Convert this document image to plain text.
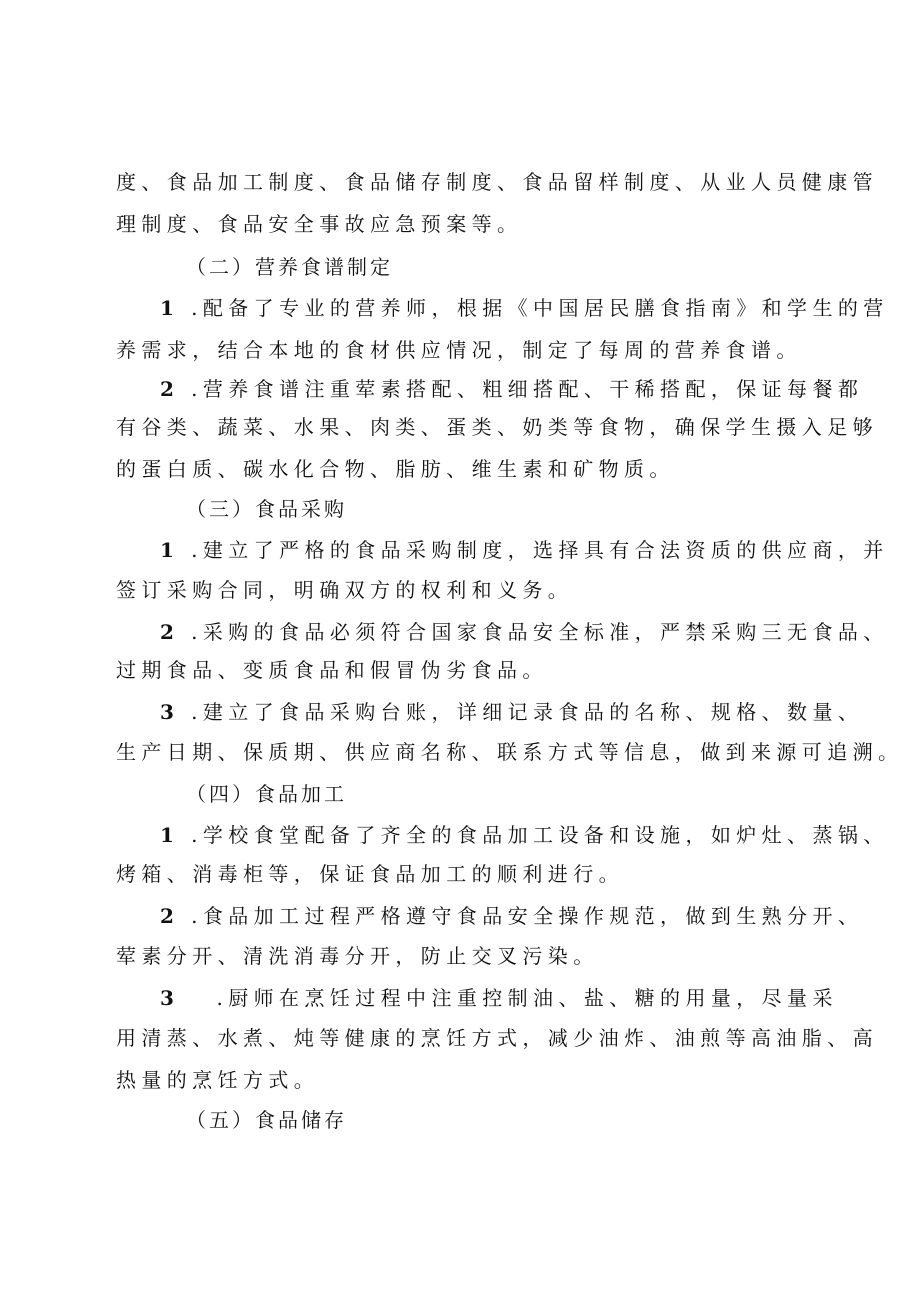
度、食品加工制度、食品储存制度、食品留样制度、从业人员健康管
理制度、食品安全事故应急预案等。
（二）营养食谱制定
1 .配备了专业的营养师，根据《中国居民膳食指南》和学生的营
养需求，结合本地的食材供应情况，制定了每周的营养食谱。
2 .营养食谱注重荤素搭配、粗细搭配、干稀搭配，保证每餐都
有谷类、蔬菜、水果、肉类、蛋类、奶类等食物，确保学生摄入足够
的蛋白质、碳水化合物、脂肪、维生素和矿物质。
（三）食品采购
1 .建立了严格的食品采购制度，选择具有合法资质的供应商，并
签订采购合同，明确双方的权利和义务。
2 .采购的食品必须符合国家食品安全标准，严禁采购三无食品、
过期食品、变质食品和假冒伪劣食品。
3 .建立了食品采购台账，详细记录食品的名称、规格、数量、
生产日期、保质期、供应商名称、联系方式等信息，做到来源可追溯。
（四）食品加工
1 .学校食堂配备了齐全的食品加工设备和设施，如炉灶、蒸锅、
烤箱、消毒柜等，保证食品加工的顺利进行。
2 .食品加工过程严格遵守食品安全操作规范，做到生熟分开、
荤素分开、清洗消毒分开，防止交叉污染。
3　 .厨师在烹饪过程中注重控制油、盐、糖的用量，尽量采
用清蒸、水煮、炖等健康的烹饪方式，减少油炸、油煎等高油脂、高
热量的烹饪方式。
（五）食品储存
